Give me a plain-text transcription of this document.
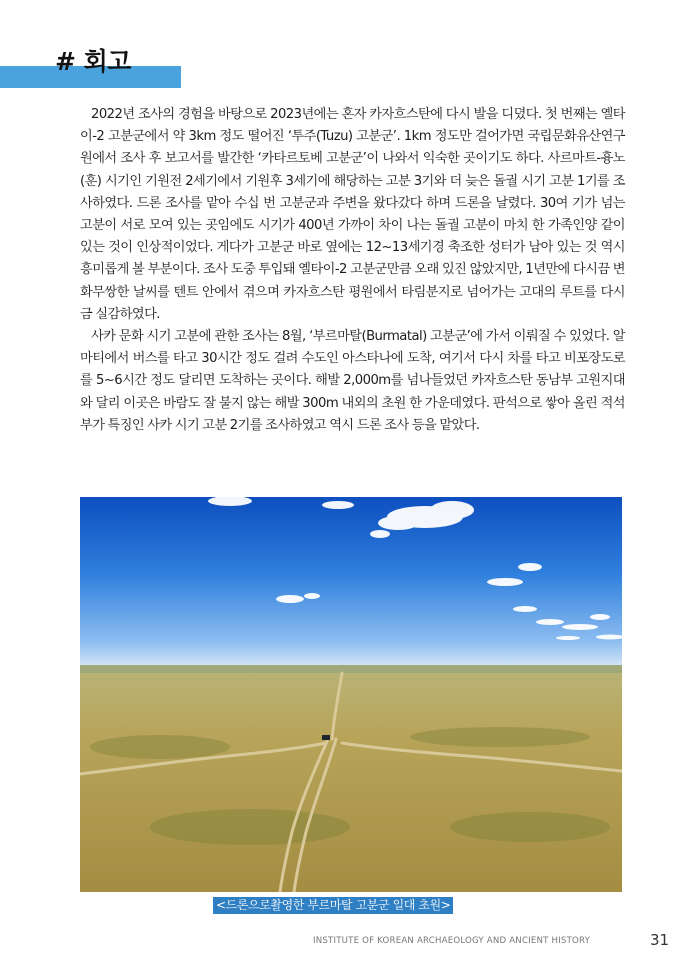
# 회고

2022년 조사의 경험을 바탕으로 2023년에는 혼자 카자흐스탄에 다시 발을 디뎠다. 첫 번째는 옐타이-2 고분군에서 약 3km 정도 떨어진 ‘투주(Tuzu) 고분군’. 1km 정도만 걸어가면 국립문화유산연구원에서 조사 후 보고서를 발간한 ‘카타르토베 고분군’이 나와서 익숙한 곳이기도 하다. 사르마트-흉노(훈) 시기인 기원전 2세기에서 기원후 3세기에 해당하는 고분 3기와 더 늦은 돌궐 시기 고분 1기를 조사하였다. 드론 조사를 맡아 수십 번 고분군과 주변을 왔다갔다 하며 드론을 날렸다. 30여 기가 넘는 고분이 서로 모여 있는 곳임에도 시기가 400년 가까이 차이 나는 돌궐 고분이 마치 한 가족인양 같이 있는 것이 인상적이었다. 게다가 고분군 바로 옆에는 12~13세기경 축조한 성터가 남아 있는 것 역시 흥미롭게 볼 부분이다. 조사 도중 투입돼 옐타이-2 고분군만큼 오래 있진 않았지만, 1년만에 다시끔 변화무쌍한 날씨를 텐트 안에서 겪으며 카자흐스탄 평원에서 타림분지로 넘어가는 고대의 루트를 다시금 실감하였다.

사카 문화 시기 고분에 관한 조사는 8월, ‘부르마탈(Burmatal) 고분군’에 가서 이뤄질 수 있었다. 알마티에서 버스를 타고 30시간 정도 걸려 수도인 아스타나에 도착, 여기서 다시 차를 타고 비포장도로를 5~6시간 정도 달리면 도착하는 곳이다. 해발 2,000m를 넘나들었던 카자흐스탄 동남부 고원지대와 달리 이곳은 바람도 잘 불지 않는 해발 300m 내외의 초원 한 가운데였다. 판석으로 쌓아 올린 적석부가 특징인 사카 시기 고분 2기를 조사하였고 역시 드론 조사 등을 맡았다.

<드론으로촬영한 부르마탈 고분군 일대 초원>
INSTITUTE OF KOREAN ARCHAEOLOGY AND ANCIENT HISTORY	31
